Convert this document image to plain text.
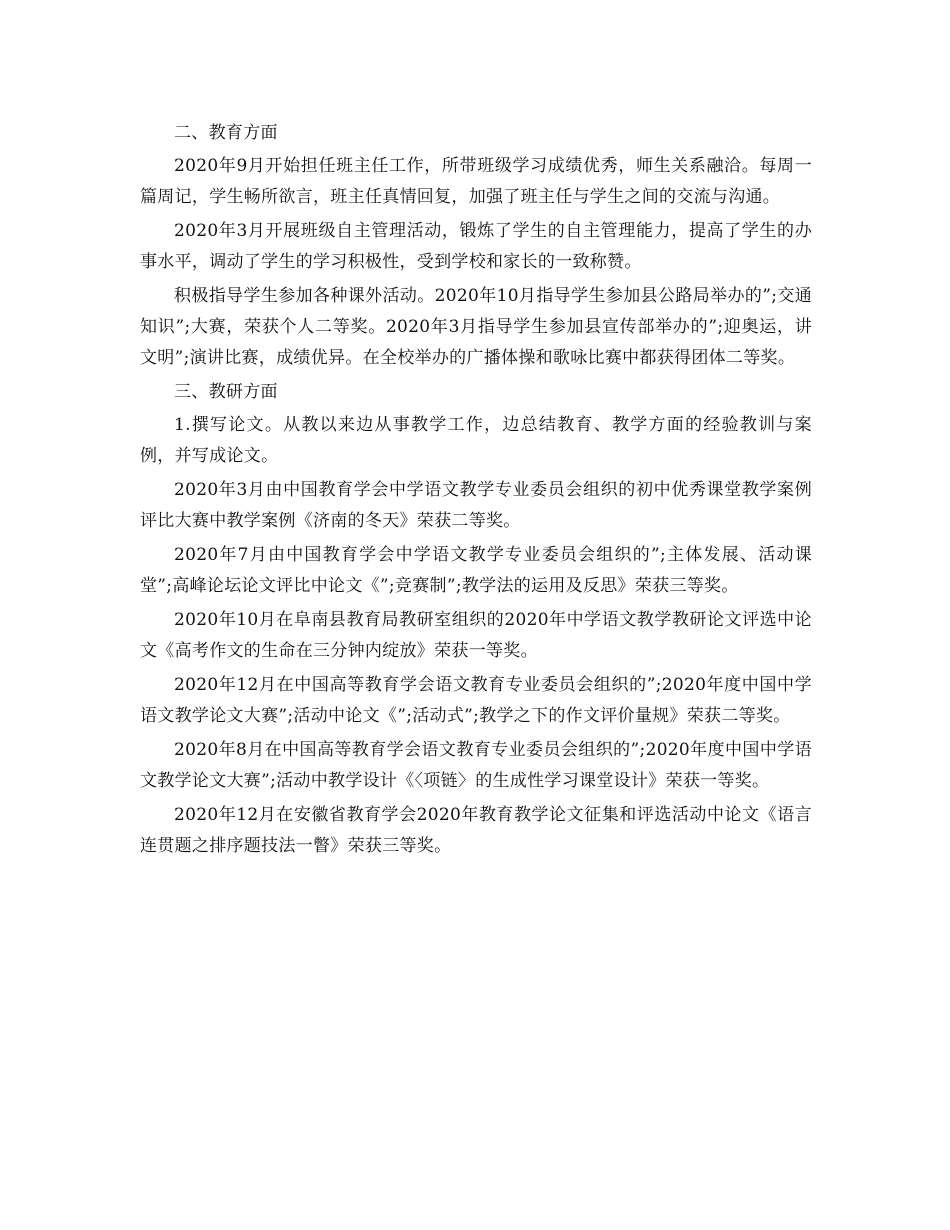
二、教育方面

2020年9月开始担任班主任工作，所带班级学习成绩优秀，师生关系融洽。每周一篇周记，学生畅所欲言，班主任真情回复，加强了班主任与学生之间的交流与沟通。

2020年3月开展班级自主管理活动，锻炼了学生的自主管理能力，提高了学生的办事水平，调动了学生的学习积极性，受到学校和家长的一致称赞。

积极指导学生参加各种课外活动。2020年10月指导学生参加县公路局举办的”;交通知识”;大赛，荣获个人二等奖。2020年3月指导学生参加县宣传部举办的”;迎奥运，讲文明”;演讲比赛，成绩优异。在全校举办的广播体操和歌咏比赛中都获得团体二等奖。

三、教研方面

1.撰写论文。从教以来边从事教学工作，边总结教育、教学方面的经验教训与案例，并写成论文。

2020年3月由中国教育学会中学语文教学专业委员会组织的初中优秀课堂教学案例评比大赛中教学案例《济南的冬天》荣获二等奖。

2020年7月由中国教育学会中学语文教学专业委员会组织的”;主体发展、活动课堂”;高峰论坛论文评比中论文《”;竞赛制”;教学法的运用及反思》荣获三等奖。

2020年10月在阜南县教育局教研室组织的2020年中学语文教学教研论文评选中论文《高考作文的生命在三分钟内绽放》荣获一等奖。

2020年12月在中国高等教育学会语文教育专业委员会组织的”;2020年度中国中学语文教学论文大赛”;活动中论文《”;活动式”;教学之下的作文评价量规》荣获二等奖。

2020年8月在中国高等教育学会语文教育专业委员会组织的”;2020年度中国中学语文教学论文大赛”;活动中教学设计《〈项链〉的生成性学习课堂设计》荣获一等奖。

2020年12月在安徽省教育学会2020年教育教学论文征集和评选活动中论文《语言连贯题之排序题技法一瞥》荣获三等奖。
